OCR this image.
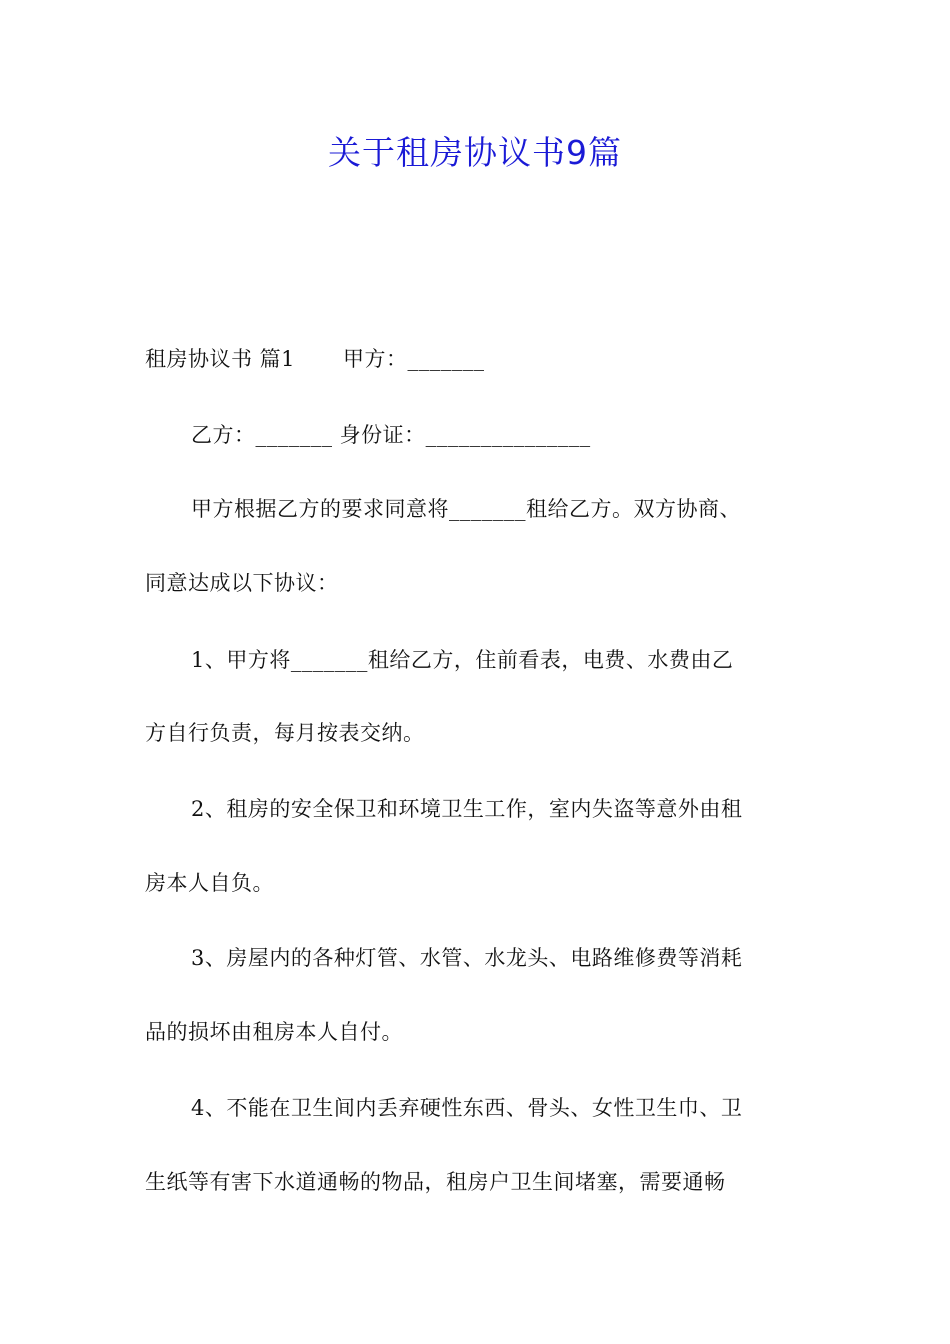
关于租房协议书9篇
租房协议书 篇1 甲方：_______
乙方：_______ 身份证：_______________
甲方根据乙方的要求同意将_______租给乙方。双方协商、
同意达成以下协议：
1、甲方将_______租给乙方，住前看表，电费、水费由乙
方自行负责，每月按表交纳。
2、租房的安全保卫和环境卫生工作，室内失盗等意外由租
房本人自负。
3、房屋内的各种灯管、水管、水龙头、电路维修费等消耗
品的损坏由租房本人自付。
4、不能在卫生间内丢弃硬性东西、骨头、女性卫生巾、卫
生纸等有害下水道通畅的物品，租房户卫生间堵塞，需要通畅
